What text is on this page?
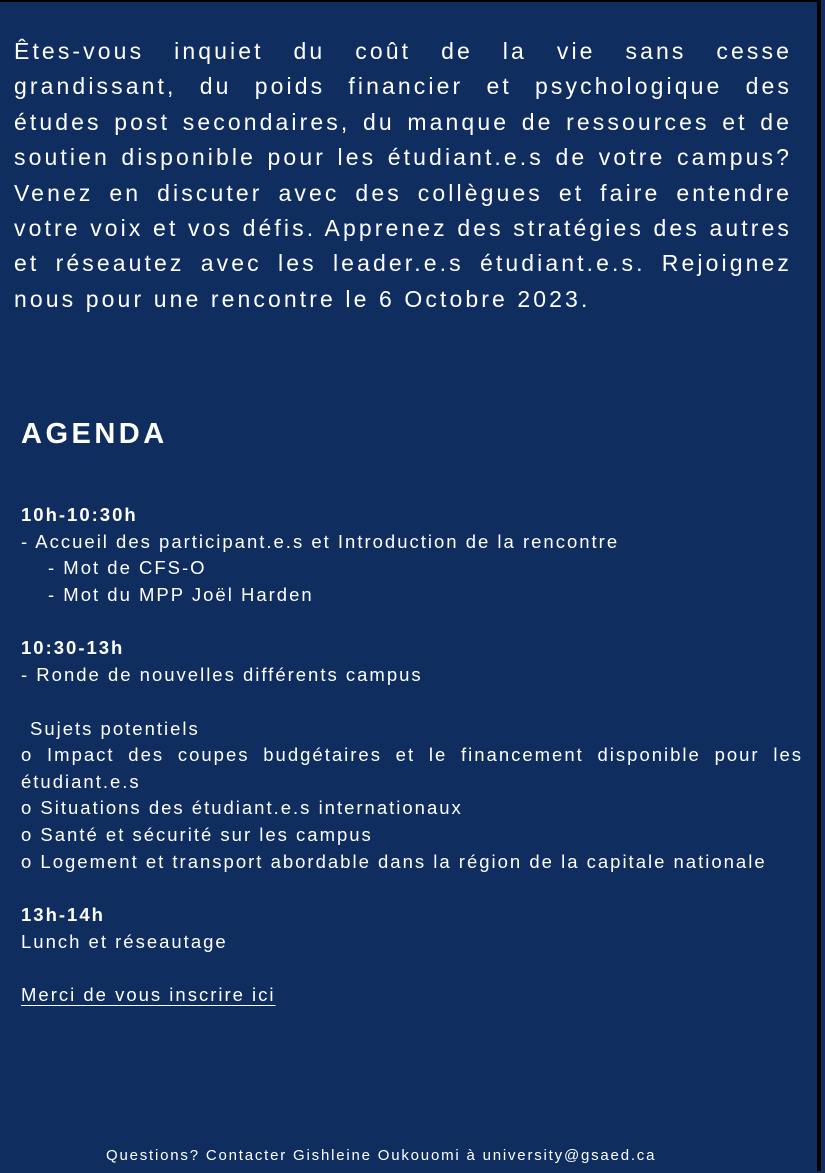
Êtes-vous inquiet du coût de la vie sans cesse grandissant, du poids financier et psychologique des études post secondaires, du manque de ressources et de soutien disponible pour les étudiant.e.s de votre campus? Venez en discuter avec des collègues et faire entendre votre voix et vos défis. Apprenez des stratégies des autres et réseautez avec les leader.e.s étudiant.e.s. Rejoignez nous pour une rencontre le 6 Octobre 2023.
AGENDA
10h-10:30h
- Accueil des participant.e.s et Introduction de la rencontre
- Mot de CFS-O
- Mot du MPP Joël Harden
10:30-13h
- Ronde de nouvelles différents campus
Sujets potentiels
o Impact des coupes budgétaires et le financement disponible pour les étudiant.e.s
o Situations des étudiant.e.s internationaux
o Santé et sécurité sur les campus
o Logement et transport abordable dans la région de la capitale nationale
13h-14h
Lunch et réseautage
Merci de vous inscrire ici
Questions? Contacter Gishleine Oukouomi à university@gsaed.ca
